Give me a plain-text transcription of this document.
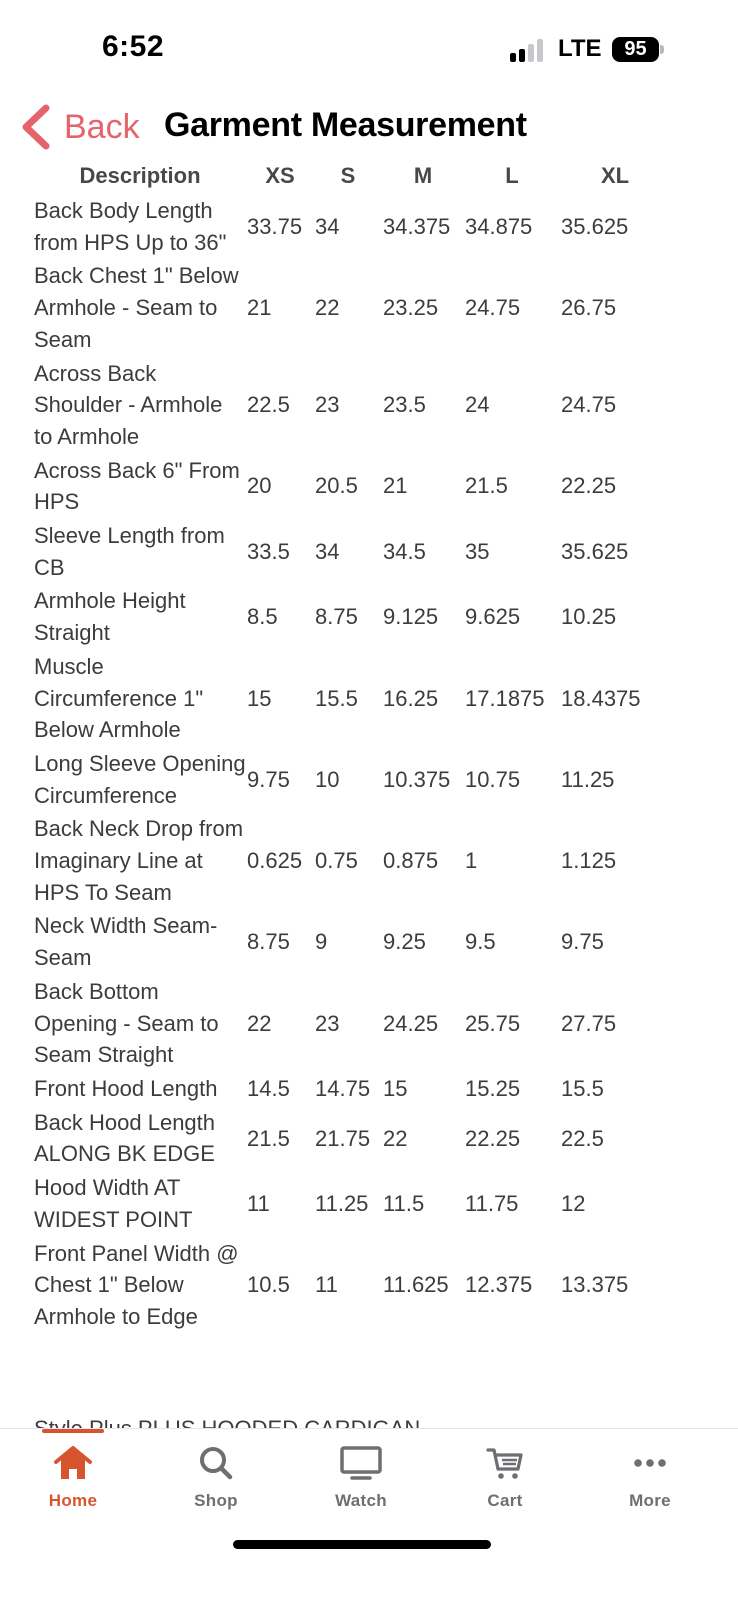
6:52	LTE	95
Back Garment Measurement
Description	XS	S	M	L	XL
Back Body Length from HPS Up to 36"	33.75	34	34.375	34.875	35.625
Back Chest 1" Below Armhole - Seam to Seam	21	22	23.25	24.75	26.75
Across Back Shoulder - Armhole to Armhole	22.5	23	23.5	24	24.75
Across Back 6" From HPS	20	20.5	21	21.5	22.25
Sleeve Length from CB	33.5	34	34.5	35	35.625
Armhole Height Straight	8.5	8.75	9.125	9.625	10.25
Muscle Circumference 1" Below Armhole	15	15.5	16.25	17.1875	18.4375
Long Sleeve Opening Circumference	9.75	10	10.375	10.75	11.25
Back Neck Drop from Imaginary Line at HPS To Seam	0.625	0.75	0.875	1	1.125
Neck Width Seam-Seam	8.75	9	9.25	9.5	9.75
Back Bottom Opening - Seam to Seam Straight	22	23	24.25	25.75	27.75
Front Hood Length	14.5	14.75	15	15.25	15.5
Back Hood Length ALONG BK EDGE	21.5	21.75	22	22.25	22.5
Hood Width AT WIDEST POINT	11	11.25	11.5	11.75	12
Front Panel Width @ Chest 1" Below Armhole to Edge	10.5	11	11.625	12.375	13.375
Home	Shop	Watch	Cart	More
